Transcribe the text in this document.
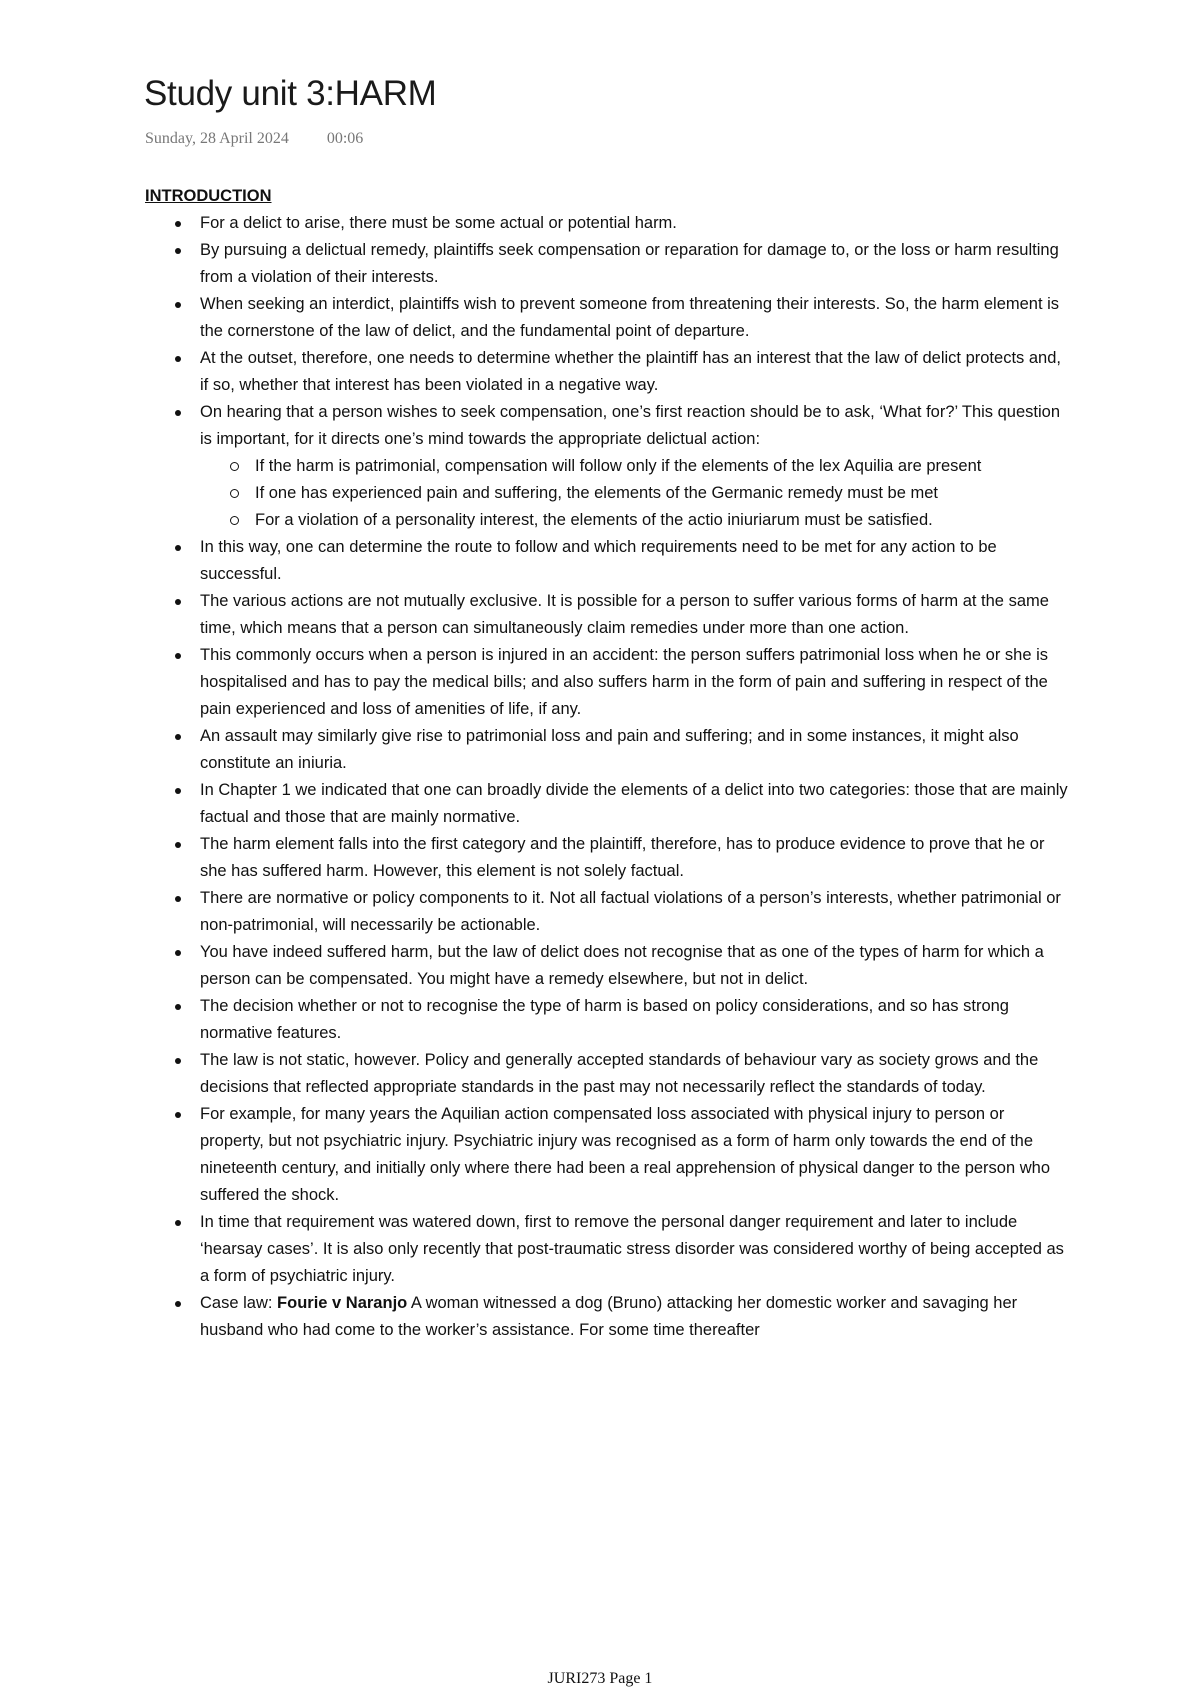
Study unit 3:HARM
Sunday, 28 April 2024 00:06

INTRODUCTION

For a delict to arise, there must be some actual or potential harm.
By pursuing a delictual remedy, plaintiffs seek compensation or reparation for damage to, or the loss or harm resulting from a violation of their interests.
When seeking an interdict, plaintiffs wish to prevent someone from threatening their interests. So, the harm element is the cornerstone of the law of delict, and the fundamental point of departure.
At the outset, therefore, one needs to determine whether the plaintiff has an interest that the law of delict protects and, if so, whether that interest has been violated in a negative way.
On hearing that a person wishes to seek compensation, one’s first reaction should be to ask, ‘What for?’ This question is important, for it directs one’s mind towards the appropriate delictual action:
If the harm is patrimonial, compensation will follow only if the elements of the lex Aquilia are present
If one has experienced pain and suffering, the elements of the Germanic remedy must be met
For a violation of a personality interest, the elements of the actio iniuriarum must be satisfied.
In this way, one can determine the route to follow and which requirements need to be met for any action to be successful.
The various actions are not mutually exclusive. It is possible for a person to suffer various forms of harm at the same time, which means that a person can simultaneously claim remedies under more than one action.
This commonly occurs when a person is injured in an accident: the person suffers patrimonial loss when he or she is hospitalised and has to pay the medical bills; and also suffers harm in the form of pain and suffering in respect of the pain experienced and loss of amenities of life, if any.
An assault may similarly give rise to patrimonial loss and pain and suffering; and in some instances, it might also constitute an iniuria.
In Chapter 1 we indicated that one can broadly divide the elements of a delict into two categories: those that are mainly factual and those that are mainly normative.
The harm element falls into the first category and the plaintiff, therefore, has to produce evidence to prove that he or she has suffered harm. However, this element is not solely factual.
There are normative or policy components to it. Not all factual violations of a person’s interests, whether patrimonial or non-patrimonial, will necessarily be actionable.
You have indeed suffered harm, but the law of delict does not recognise that as one of the types of harm for which a person can be compensated. You might have a remedy elsewhere, but not in delict.
The decision whether or not to recognise the type of harm is based on policy considerations, and so has strong normative features.
The law is not static, however. Policy and generally accepted standards of behaviour vary as society grows and the decisions that reflected appropriate standards in the past may not necessarily reflect the standards of today.
For example, for many years the Aquilian action compensated loss associated with physical injury to person or property, but not psychiatric injury. Psychiatric injury was recognised as a form of harm only towards the end of the nineteenth century, and initially only where there had been a real apprehension of physical danger to the person who suffered the shock.
In time that requirement was watered down, first to remove the personal danger requirement and later to include ‘hearsay cases’. It is also only recently that post-traumatic stress disorder was considered worthy of being accepted as a form of psychiatric injury.
Case law: Fourie v Naranjo A woman witnessed a dog (Bruno) attacking her domestic worker and savaging her husband who had come to the worker’s assistance. For some time thereafter
JURI273 Page 1
